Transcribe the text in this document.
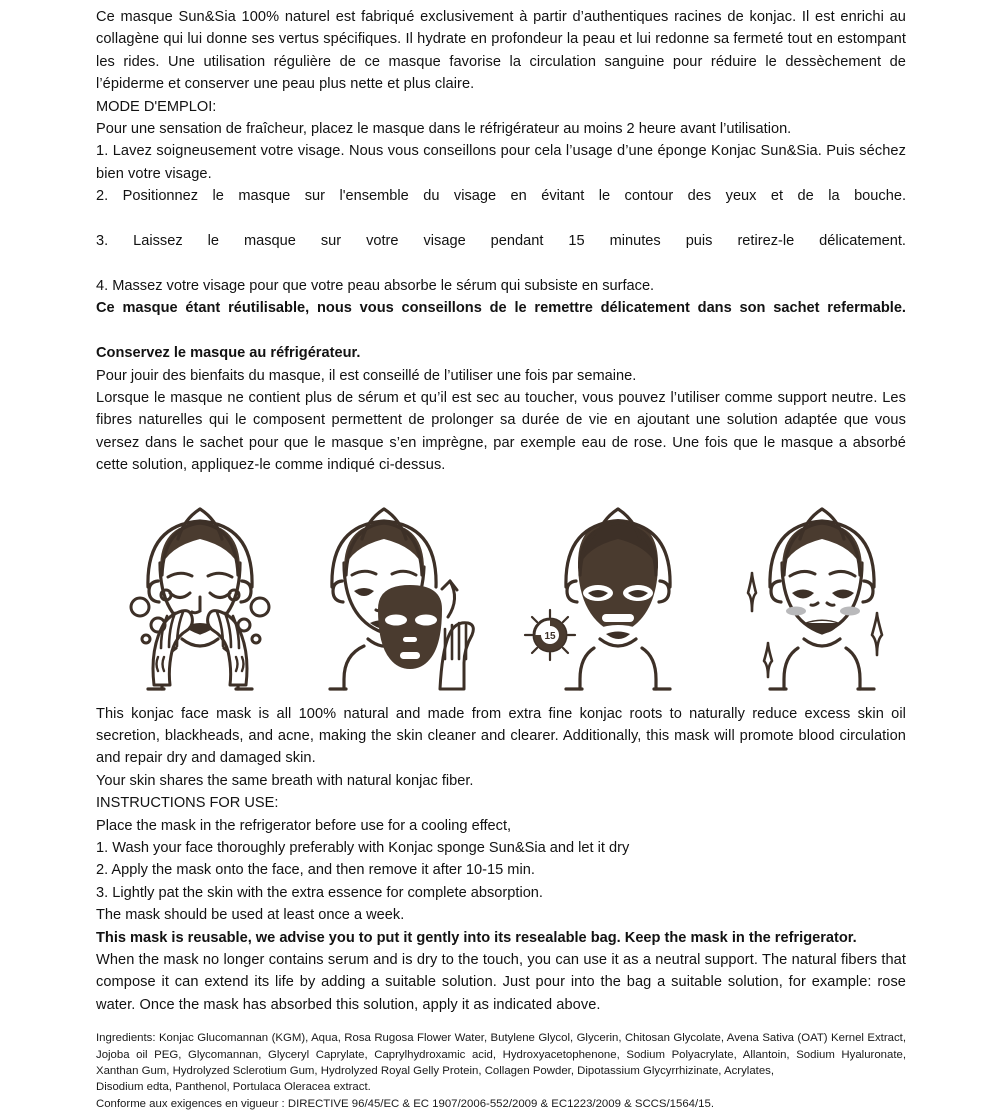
Ce masque Sun&Sia 100% naturel est fabriqué exclusivement à partir d’authentiques racines de konjac. Il est enrichi au collagène qui lui donne ses vertus spécifiques. Il hydrate en profondeur la peau et lui redonne sa fermeté tout en estompant les rides. Une utilisation régulière de ce masque favorise la circulation sanguine pour réduire le dessèchement de l’épiderme et conserver une peau plus nette et plus claire.

MODE D'EMPLOI:

Pour une sensation de fraîcheur, placez le masque dans le réfrigérateur au moins 2 heure avant l’utilisation.

1. Lavez soigneusement votre visage. Nous vous conseillons pour cela l’usage d’une éponge Konjac Sun&Sia. Puis séchez bien votre visage.

2. Positionnez le masque sur l'ensemble du visage en évitant le contour des yeux et de la bouche.

3. Laissez le masque sur votre visage pendant 15 minutes puis retirez-le délicatement.

4. Massez votre visage pour que votre peau absorbe le sérum qui subsiste en surface.

Ce masque étant réutilisable, nous vous conseillons de le remettre délicatement dans son sachet refermable.

Conservez le masque au réfrigérateur.

Pour jouir des bienfaits du masque, il est conseillé de l’utiliser une fois par semaine.

Lorsque le masque ne contient plus de sérum et qu’il est sec au toucher, vous pouvez l’utiliser comme support neutre. Les fibres naturelles qui le composent permettent de prolonger sa durée de vie en ajoutant une solution adaptée que vous versez dans le sachet pour que le masque s’en imprègne, par exemple eau de rose. Une fois que le masque a absorbé cette solution, appliquez-le comme indiqué ci-dessus.

15

This konjac face mask is all 100% natural and made from extra fine konjac roots to naturally reduce excess skin oil secretion, blackheads, and acne, making the skin cleaner and clearer. Additionally, this mask will promote blood circulation and repair dry and damaged skin.

Your skin shares the same breath with natural konjac fiber.

INSTRUCTIONS FOR USE:

Place the mask in the refrigerator before use for a cooling effect,

1. Wash your face thoroughly preferably with Konjac sponge Sun&Sia and let it dry

2. Apply the mask onto the face, and then remove it after 10-15 min.

3. Lightly pat the skin with the extra essence for complete absorption.

The mask should be used at least once a week.

This mask is reusable, we advise you to put it gently into its resealable bag. Keep the mask in the refrigerator.

When the mask no longer contains serum and is dry to the touch, you can use it as a neutral support. The natural fibers that compose it can extend its life by adding a suitable solution. Just pour into the bag a suitable solution, for example: rose water. Once the mask has absorbed this solution, apply it as indicated above.

Ingredients: Konjac Glucomannan (KGM), Aqua, Rosa Rugosa Flower Water, Butylene Glycol, Glycerin, Chitosan Glycolate, Avena Sativa (OAT) Kernel Extract, Jojoba oil PEG, Glycomannan, Glyceryl Caprylate, Caprylhydroxamic acid, Hydroxyacetophenone, Sodium Polyacrylate, Allantoin, Sodium Hyaluronate, Xanthan Gum, Hydrolyzed Sclerotium Gum, Hydrolyzed Royal Gelly Protein, Collagen Powder, Dipotassium Glycyrrhizinate, Acrylates,

Disodium edta, Panthenol, Portulaca Oleracea extract.

Conforme aux exigences en vigueur : DIRECTIVE 96/45/EC & EC 1907/2006-552/2009 & EC1223/2009 & SCCS/1564/15.
